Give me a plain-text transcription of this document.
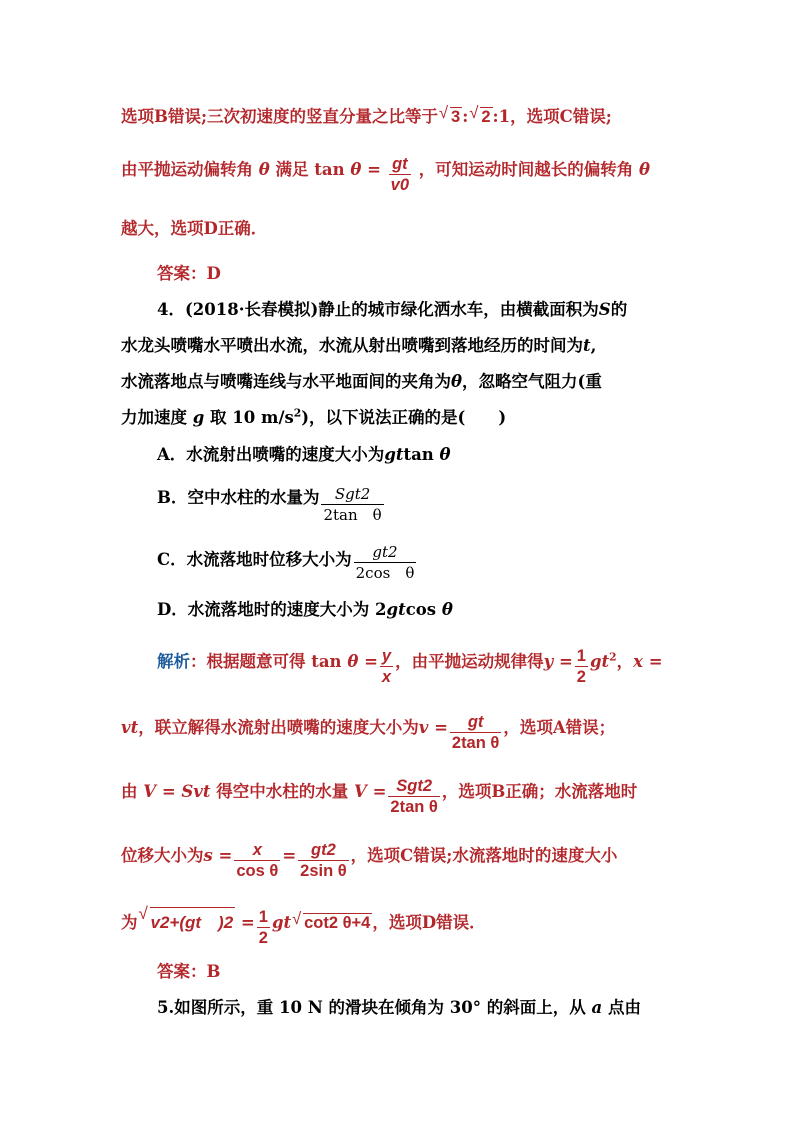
选项B错误;三次初速度的竖直分量之比等于√ 3 :√ 2 :1，选项C错误;
由平抛运动偏转角 θ 满足 $\tan \theta = \frac{gt}{v0}$ ，可知运动时间越长的偏转角 θ
越大，选项D正确．
答案：D
4．(2018·长春模拟)静止的城市绿化洒水车，由横截面积为S的
水龙头喷嘴水平喷出水流，水流从射出喷嘴到落地经历的时间为t,
水流落地点与喷嘴连线与水平地面间的夹角为θ，忽略空气阻力(重
力加速度 g 取 10 $m/s^2$)，以下说法正确的是(　　)
A．水流射出喷嘴的速度大小为gttan θ
B．空中水柱的水量为 $\frac{\text{Sgt2}}{\text{2tan　θ}}$
C．水流落地时位移大小为 $\frac{gt2}{\text{2cos　θ}}$
D．水流落地时的速度大小为 2gtcos θ
解析：根据题意可得 $\tan \theta = \frac{y}{x}$ ，由平抛运动规律得$y = \frac{1}{2} gt^2$，x =
vt，联立解得水流射出喷嘴的速度大小为$v = \frac{gt}{\text{2tan θ}}$ ，选项A错误；
由 V = Svt 得空中水柱的水量 $V = \frac{\text{Sgt2}}{\text{2tan θ}}$ ，选项B正确；水流落地时
位移大小为$s = \frac{x}{\text{cos θ}} = \frac{gt2}{\text{2sin θ}}$ ，选项C错误;水流落地时的速度大小
为√ v2+(gt　)$2 = \frac{1}{2} gt√$ cot2 θ+4 ，选项D错误．
答案：B
5.如图所示，重 10 N 的滑块在倾角为 30° 的斜面上，从 a 点由
